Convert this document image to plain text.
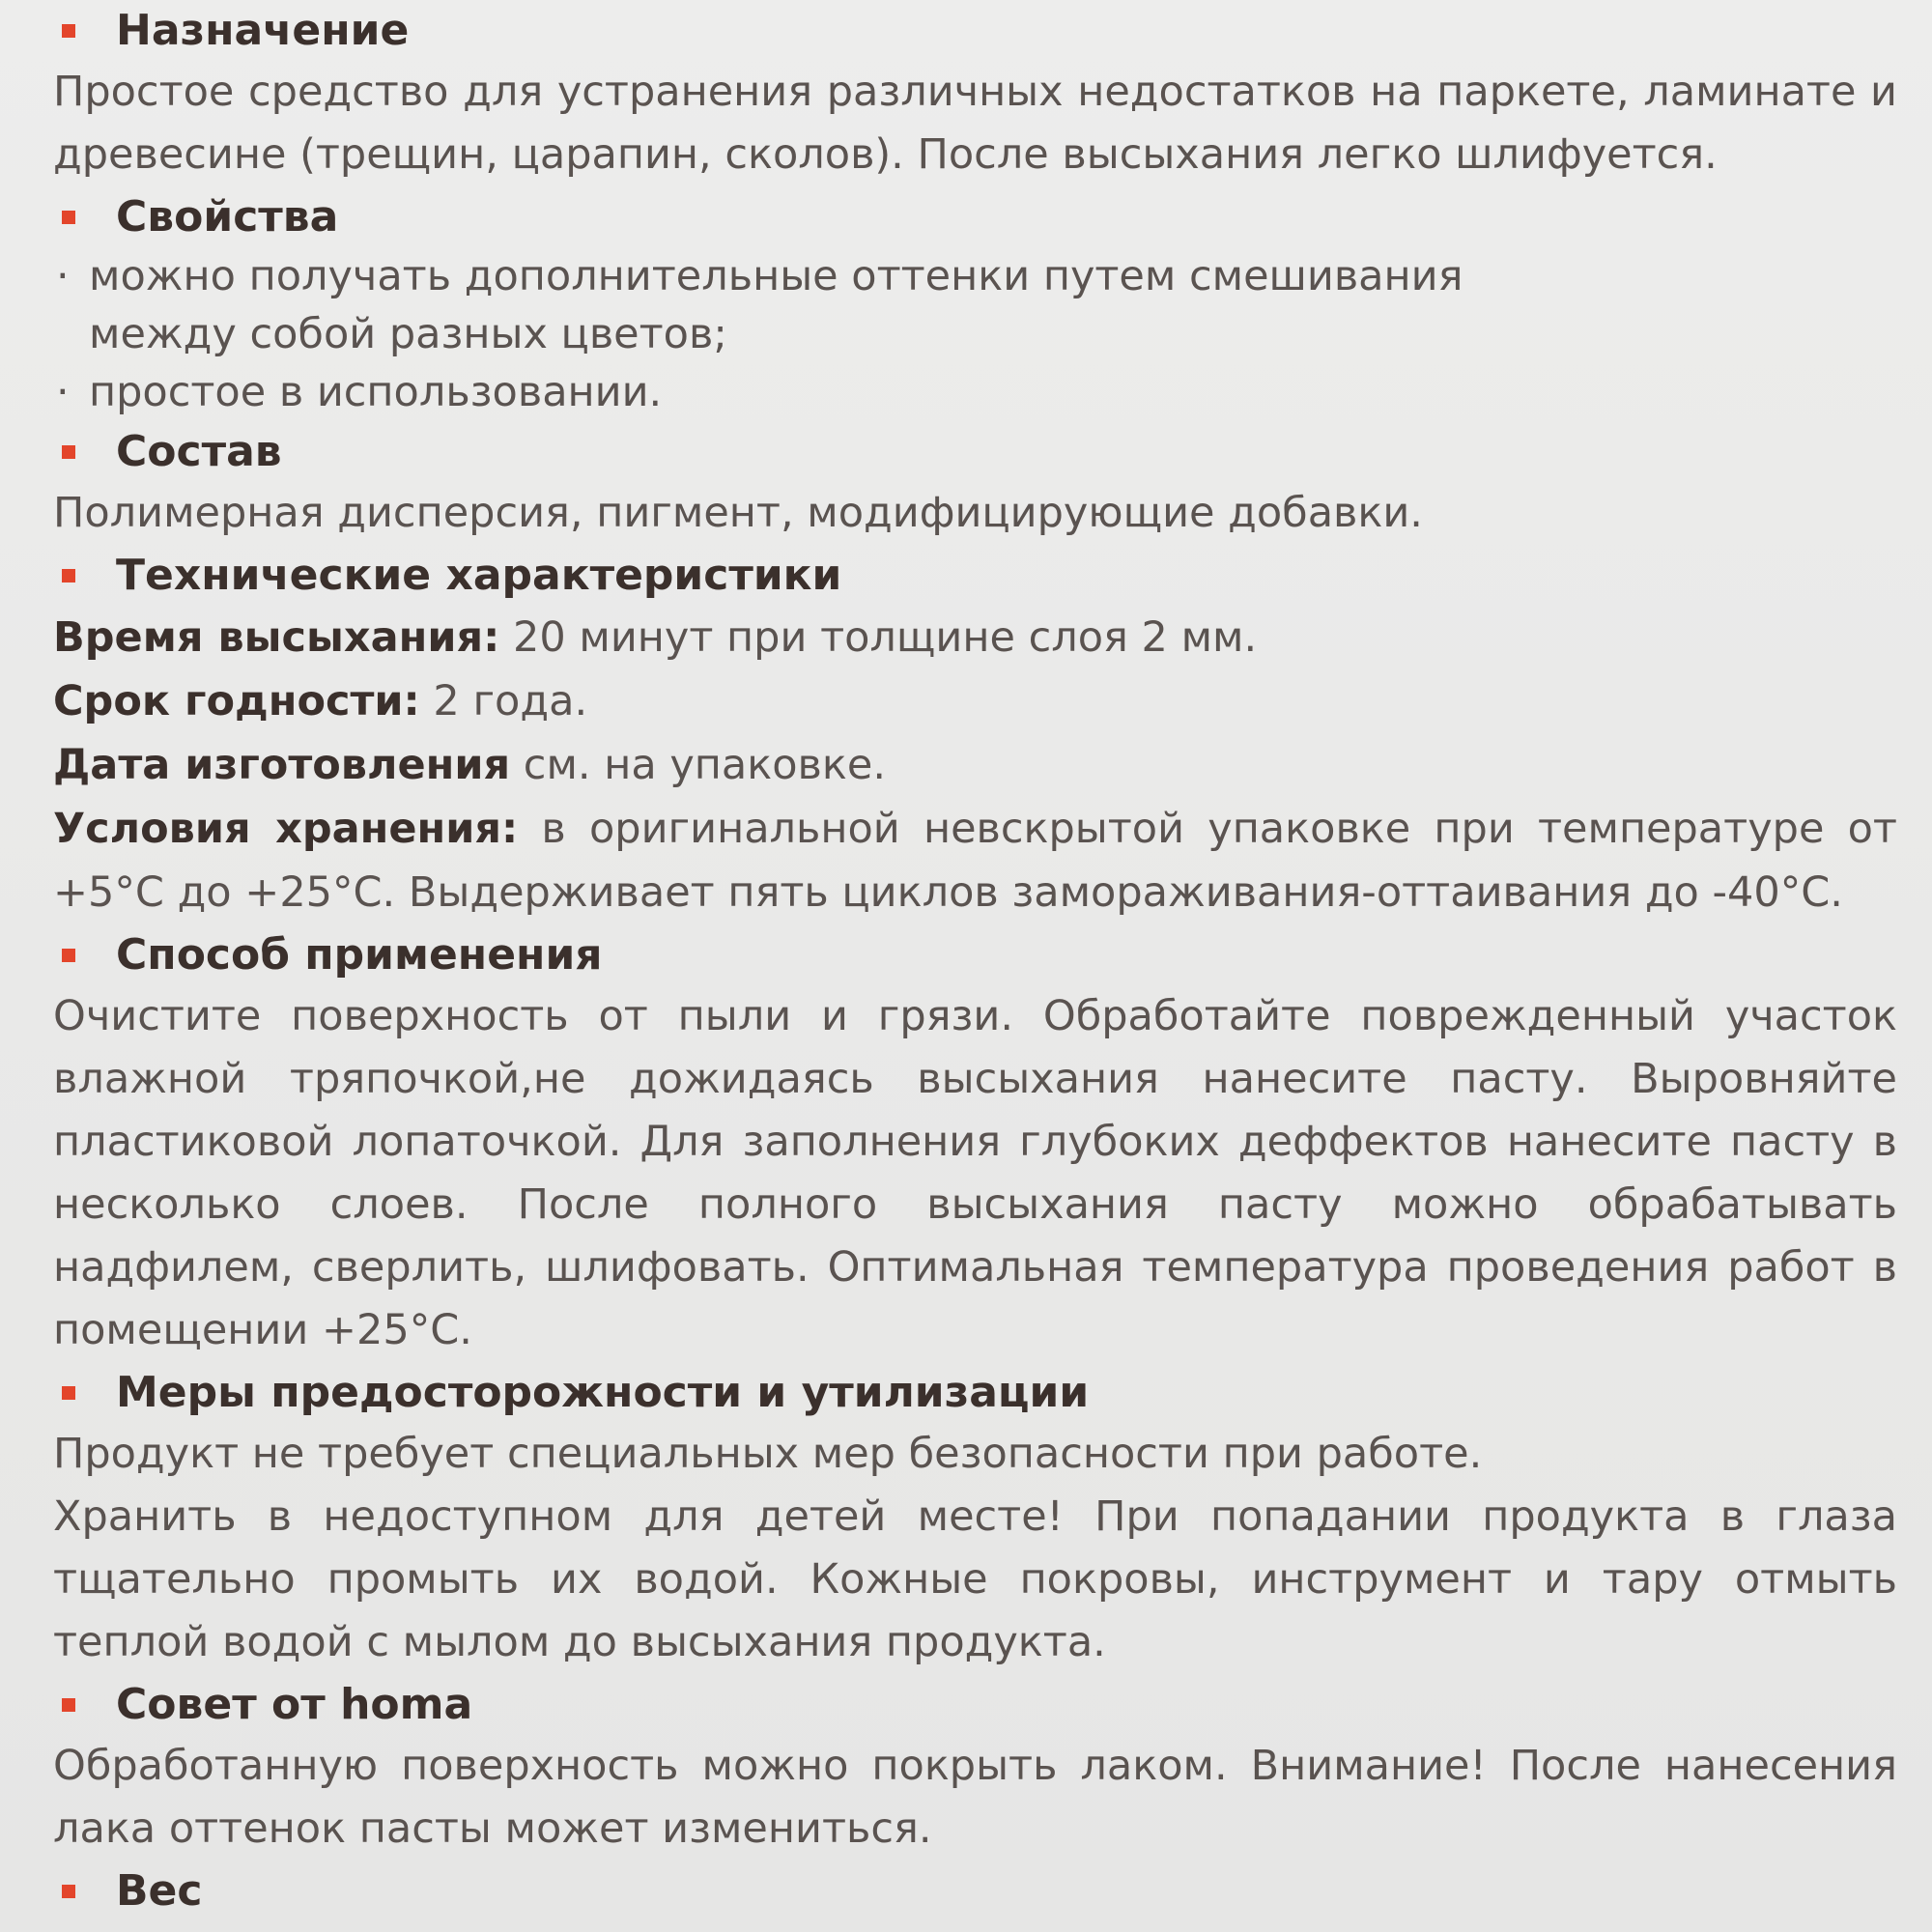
Назначение

Простое средство для устранения различных недостатков на паркете, ламинате и древесине (трещин, царапин, сколов). После высыхания легко шлифуется.

Свойства

· можно получать дополнительные оттенки путем смешивания между собой разных цветов;

· простое в использовании.

Состав

Полимерная дисперсия, пигмент, модифицирующие добавки.

Технические характеристики

Время высыхания: 20 минут при толщине слоя 2 мм.

Срок годности: 2 года.

Дата изготовления см. на упаковке.

Условия хранения: в оригинальной невскрытой упаковке при температуре от +5°С до +25°С. Выдерживает пять циклов замораживания-оттаивания до -40°С.

Способ применения

Очистите поверхность от пыли и грязи. Обработайте поврежденный участок влажной тряпочкой,не дожидаясь высыхания нанесите пасту. Выровняйте пластиковой лопаточкой. Для заполнения глубоких деффектов нанесите пасту в несколько слоев. После полного высыхания пасту можно обрабатывать надфилем, сверлить, шлифовать. Оптимальная температура проведения работ в помещении +25°С.

Меры предосторожности и утилизации

Продукт не требует специальных мер безопасности при работе.

Хранить в недоступном для детей месте! При попадании продукта в глаза тщательно промыть их водой. Кожные покровы, инструмент и тару отмыть теплой водой с мылом до высыхания продукта.

Совет от homa

Обработанную поверхность можно покрыть лаком. Внимание! После нанесения лака оттенок пасты может измениться.

Вес
